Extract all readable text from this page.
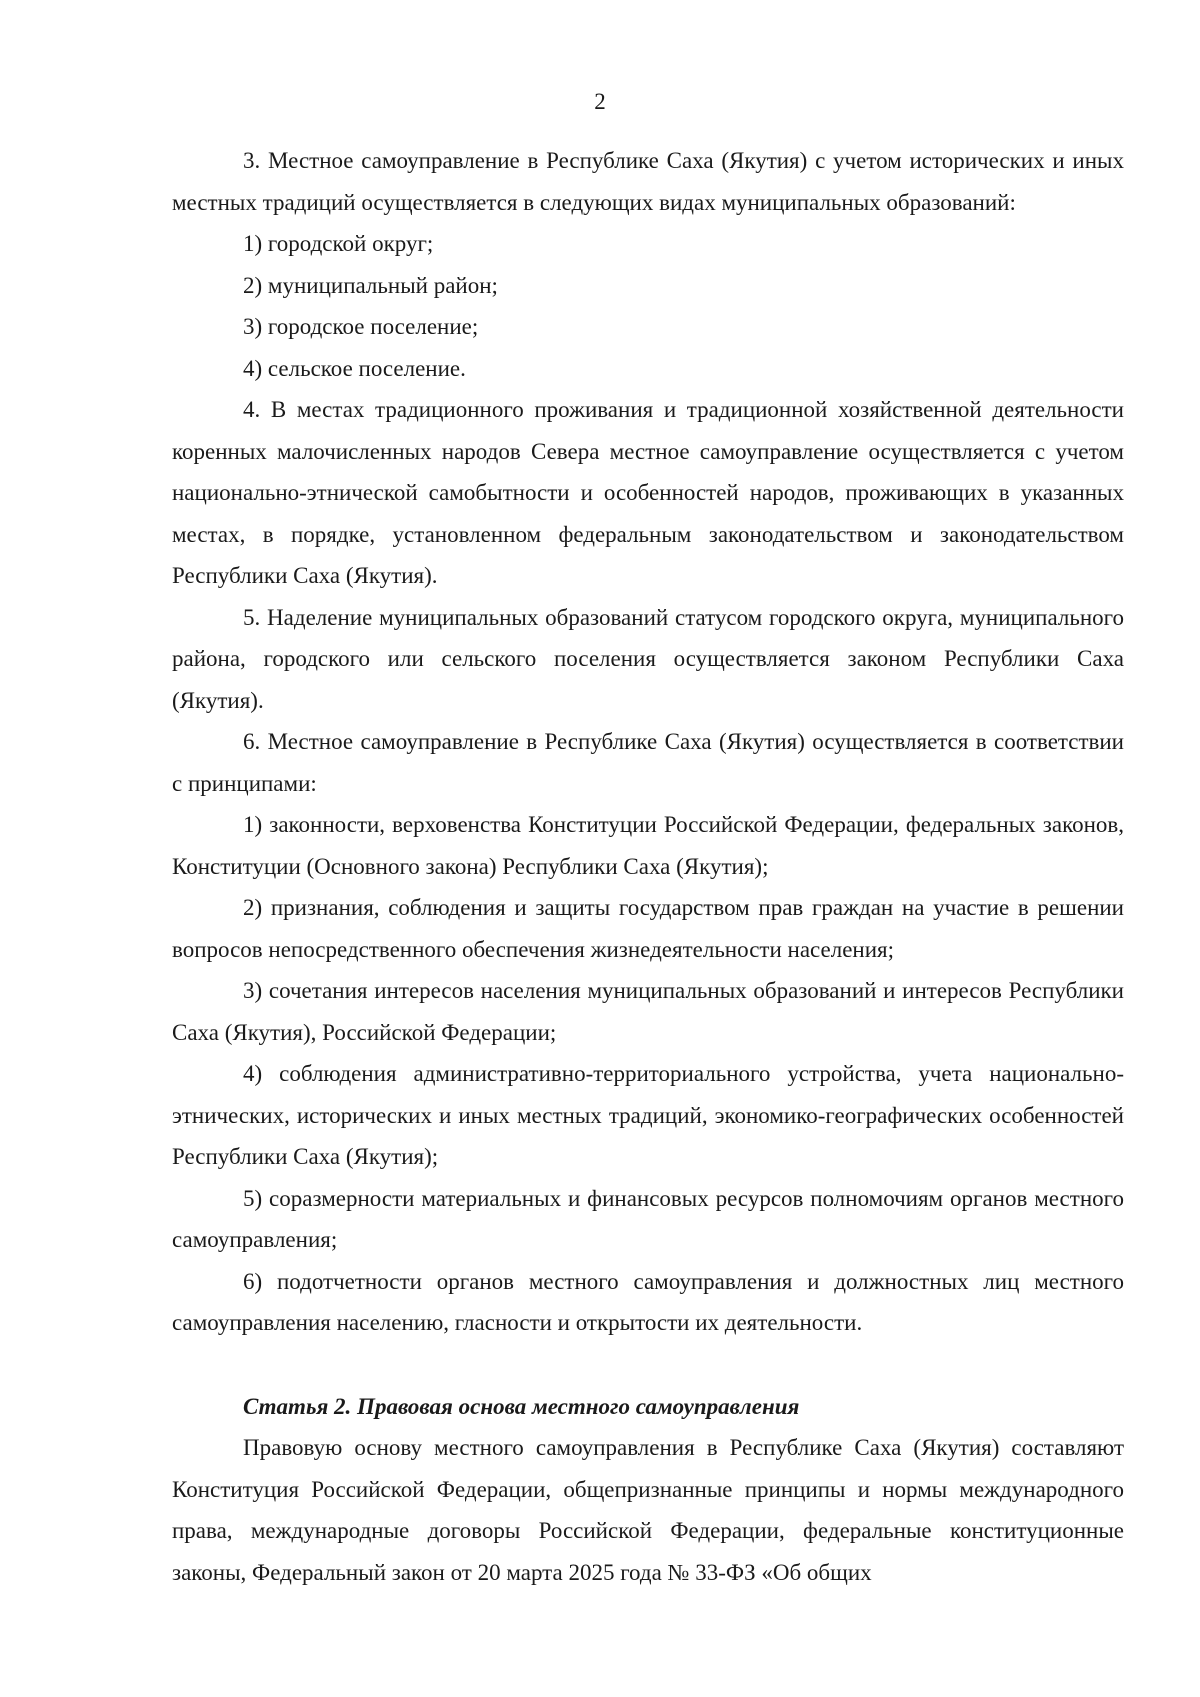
2

3. Местное самоуправление в Республике Саха (Якутия) с учетом исторических и иных местных традиций осуществляется в следующих видах муниципальных образований:

1) городской округ;

2) муниципальный район;

3) городское поселение;

4) сельское поселение.

4. В местах традиционного проживания и традиционной хозяйственной деятельности коренных малочисленных народов Севера местное самоуправление осуществляется с учетом национально-этнической самобытности и особенностей народов, проживающих в указанных местах, в порядке, установленном федеральным законодательством и законодательством Республики Саха (Якутия).

5. Наделение муниципальных образований статусом городского округа, муниципального района, городского или сельского поселения осуществляется законом Республики Саха (Якутия).

6. Местное самоуправление в Республике Саха (Якутия) осуществляется в соответствии с принципами:

1) законности, верховенства Конституции Российской Федерации, федеральных законов, Конституции (Основного закона) Республики Саха (Якутия);

2) признания, соблюдения и защиты государством прав граждан на участие в решении вопросов непосредственного обеспечения жизнедеятельности населения;

3) сочетания интересов населения муниципальных образований и интересов Республики Саха (Якутия), Российской Федерации;

4) соблюдения административно-территориального устройства, учета национально-этнических, исторических и иных местных традиций, экономико-географических особенностей Республики Саха (Якутия);

5) соразмерности материальных и финансовых ресурсов полномочиям органов местного самоуправления;

6) подотчетности органов местного самоуправления и должностных лиц местного самоуправления населению, гласности и открытости их деятельности.

Статья 2. Правовая основа местного самоуправления

Правовую основу местного самоуправления в Республике Саха (Якутия) составляют Конституция Российской Федерации, общепризнанные принципы и нормы международного права, международные договоры Российской Федерации, федеральные конституционные законы, Федеральный закон от 20 марта 2025 года № 33-ФЗ «Об общих
